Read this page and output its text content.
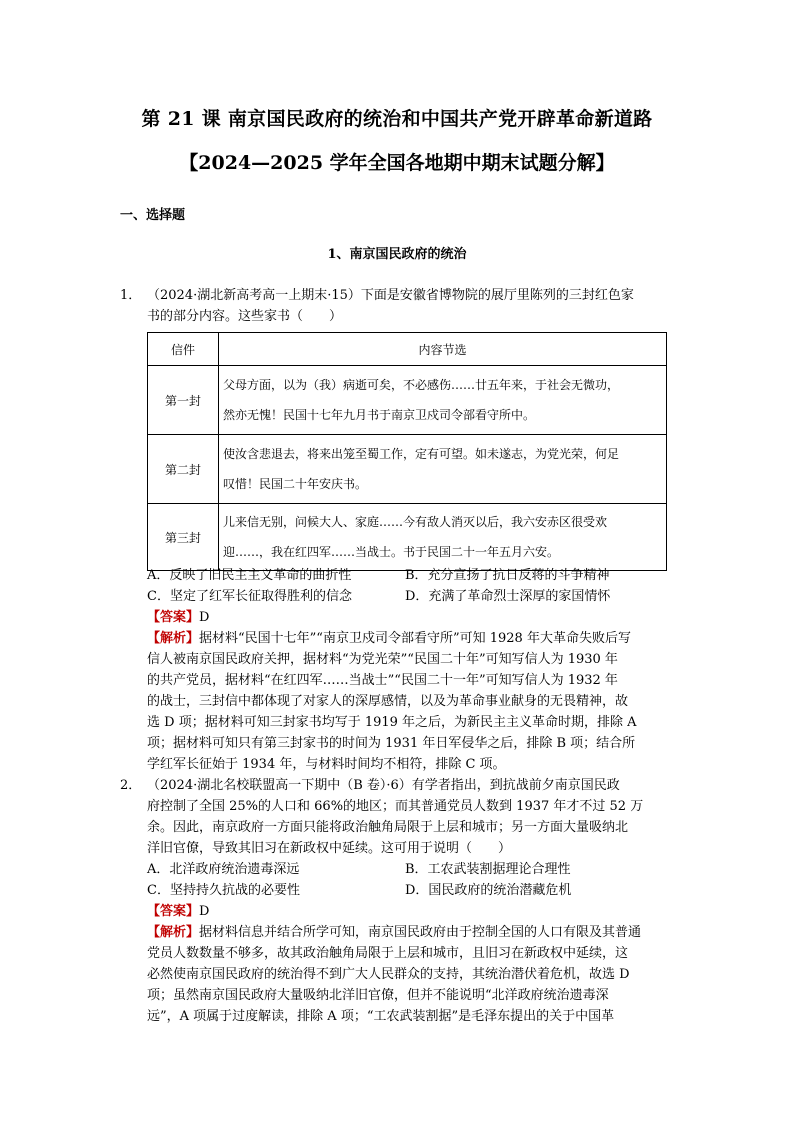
第 21 课 南京国民政府的统治和中国共产党开辟革命新道路
【2024—2025 学年全国各地期中期末试题分解】
一、选择题
1、南京国民政府的统治
1． （2024·湖北新高考高一上期末·15）下面是安徽省博物院的展厅里陈列的三封红色家
书的部分内容。这些家书（　　）
信件	内容节选
第一封	父母方面，以为（我）病逝可矣，不必感伤……廿五年来，于社会无微功，
然亦无愧！民国十七年九月书于南京卫戍司令部看守所中。

第二封	使汝含悲退去，将来出笼至蜀工作，定有可望。如未遂志，为党光荣，何足
叹惜！民国二十年安庆书。

第三封	儿来信无别，问候大人、家庭……今有敌人消灭以后，我六安赤区很受欢
迎……，我在红四军……当战士。书于民国二十一年五月六安。
A．反映了旧民主主义革命的曲折性	B．充分宣扬了抗日反蒋的斗争精神
C．坚定了红军长征取得胜利的信念	D．充满了革命烈士深厚的家国情怀
【答案】D
【解析】据材料“民国十七年”“南京卫戍司令部看守所”可知 1928 年大革命失败后写
信人被南京国民政府关押，据材料“为党光荣”“民国二十年”可知写信人为 1930 年
的共产党员，据材料“在红四军……当战士”“民国二十一年”可知写信人为 1932 年
的战士，三封信中都体现了对家人的深厚感情，以及为革命事业献身的无畏精神，故
选 D 项；据材料可知三封家书均写于 1919 年之后，为新民主主义革命时期，排除 A
项；据材料可知只有第三封家书的时间为 1931 年日军侵华之后，排除 B 项；结合所
学红军长征始于 1934 年，与材料时间均不相符，排除 C 项。
2． （2024·湖北名校联盟高一下期中（B 卷）·6）有学者指出，到抗战前夕南京国民政
府控制了全国 25%的人口和 66%的地区；而其普通党员人数到 1937 年才不过 52 万
余。因此，南京政府一方面只能将政治触角局限于上层和城市；另一方面大量吸纳北
洋旧官僚，导致其旧习在新政权中延续。这可用于说明（　　）
A．北洋政府统治遗毒深远	B．工农武装割据理论合理性
C．坚持持久抗战的必要性	D．国民政府的统治潜藏危机
【答案】D
【解析】据材料信息并结合所学可知，南京国民政府由于控制全国的人口有限及其普通
党员人数数量不够多，故其政治触角局限于上层和城市，且旧习在新政权中延续，这
必然使南京国民政府的统治得不到广大人民群众的支持，其统治潜伏着危机，故选 D
项；虽然南京国民政府大量吸纳北洋旧官僚，但并不能说明“北洋政府统治遗毒深
远”，A 项属于过度解读，排除 A 项；“工农武装割据”是毛泽东提出的关于中国革
